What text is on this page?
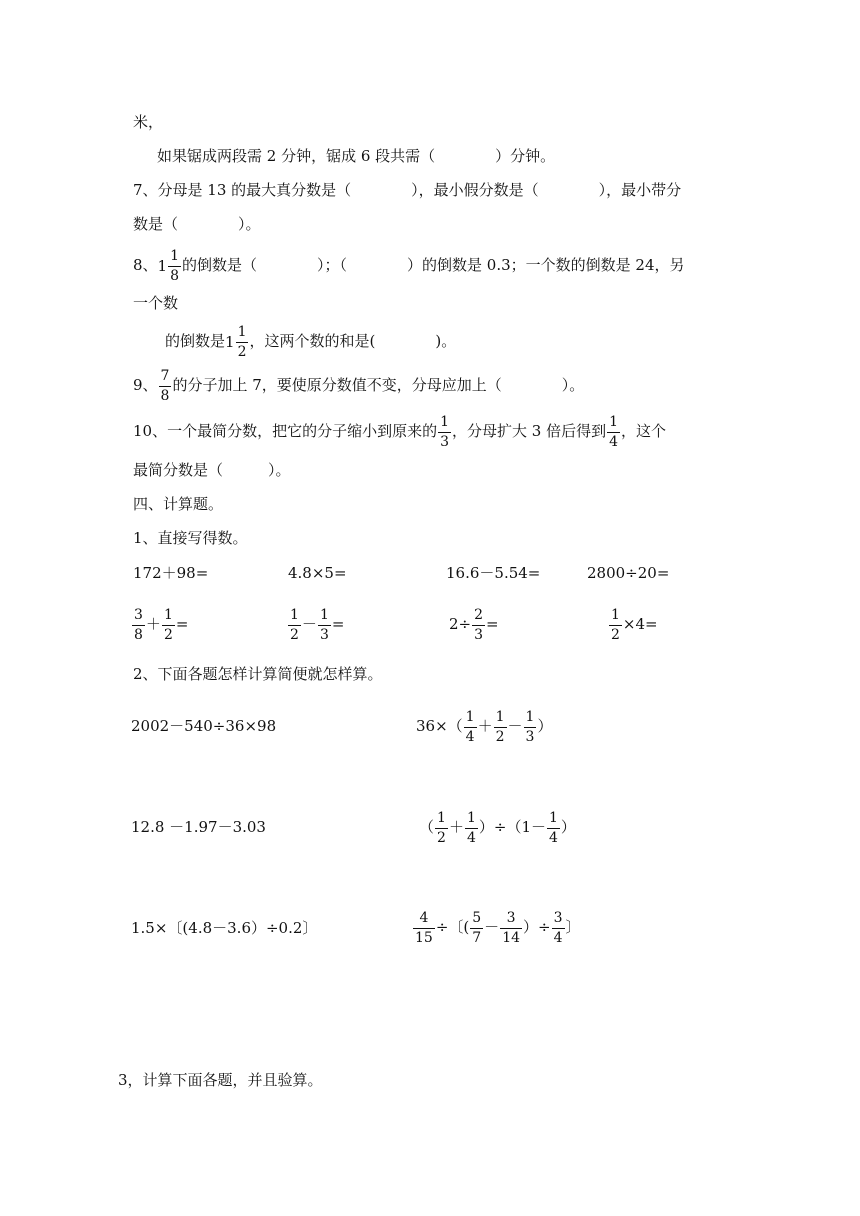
米，
如果锯成两段需 2 分钟，锯成 6 段共需（　　　　）分钟。
7、分母是 13 的最大真分数是（　　　　），最小假分数是（　　　　），最小带分
数是（　　　　）。
8、 $1 \frac{1}{8}$ 的倒数是（　　　　）；（　　　　）的倒数是 0.3；一个数的倒数是 24，另
一个数
的倒数是 $1 \frac{1}{2}$ ，这两个数的和是(　　　　)。
9、 $\frac{7}{8}$ 的分子加上 7，要使原分数值不变，分母应加上（　　　　）。
10、一个最简分数，把它的分子缩小到原来的 $\frac{1}{3}$ ，分母扩大 3 倍后得到 $\frac{1}{4}$ ，这个
最简分数是（　　　）。
四、计算题。
1、直接写得数。
172＋98=	4.8×5=	16.6－5.54=	2800÷20=
$\frac{3}{8} + \frac{1}{2}$ =	$\frac{1}{2} - \frac{1}{3}$ =	$2\div \frac{2}{3}$ =	$\frac{1}{2} \times 4=$
2、下面各题怎样计算简便就怎样算。
2002－540÷36×98	$36\times( \frac{1}{4} + \frac{1}{2} - \frac{1}{3}$ ）
12.8 －1.97－3.03	（ $\frac{1}{2} + \frac{1}{4} )\div(1- \frac{1}{4}$ ）
1.5×〔(4.8－3.6）÷0.2〕	$\frac{4}{15}$ ÷〔( $\frac{5}{7} - \frac{3}{14}$ ）÷ $\frac{3}{4}$ 〕
3，计算下面各题，并且验算。
